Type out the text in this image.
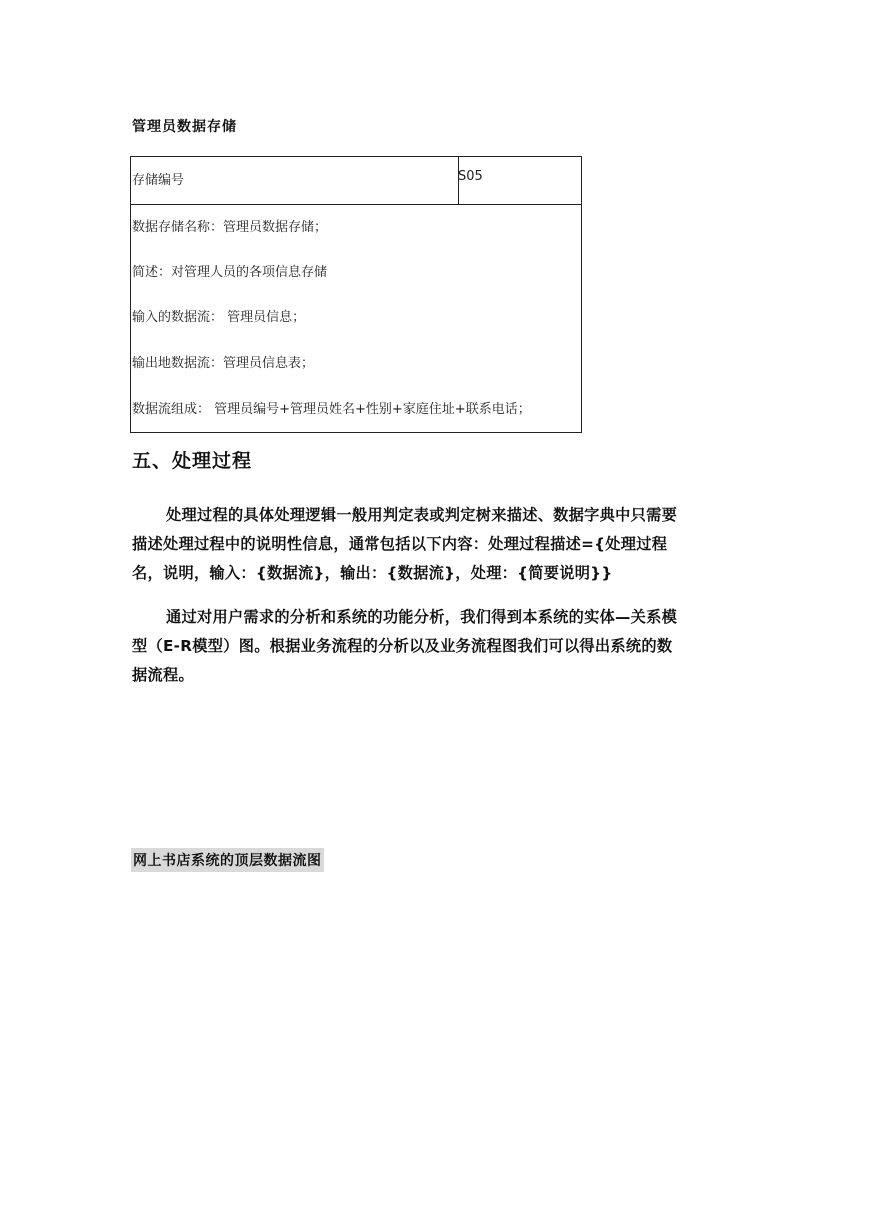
管理员数据存储
存储编号	S05
数据存储名称：管理员数据存储；
简述：对管理人员的各项信息存储
输入的数据流： 管理员信息；
输出地数据流：管理员信息表；
数据流组成： 管理员编号+管理员姓名+性别+家庭住址+联系电话；
五、处理过程
处理过程的具体处理逻辑一般用判定表或判定树来描述、数据字典中只需要
描述处理过程中的说明性信息，通常包括以下内容：处理过程描述={处理过程
名，说明，输入：{数据流}，输出：{数据流}，处理：{简要说明}}
通过对用户需求的分析和系统的功能分析，我们得到本系统的实体—关系模
型（E-R模型）图。根据业务流程的分析以及业务流程图我们可以得出系统的数
据流程。
网上书店系统的顶层数据流图
